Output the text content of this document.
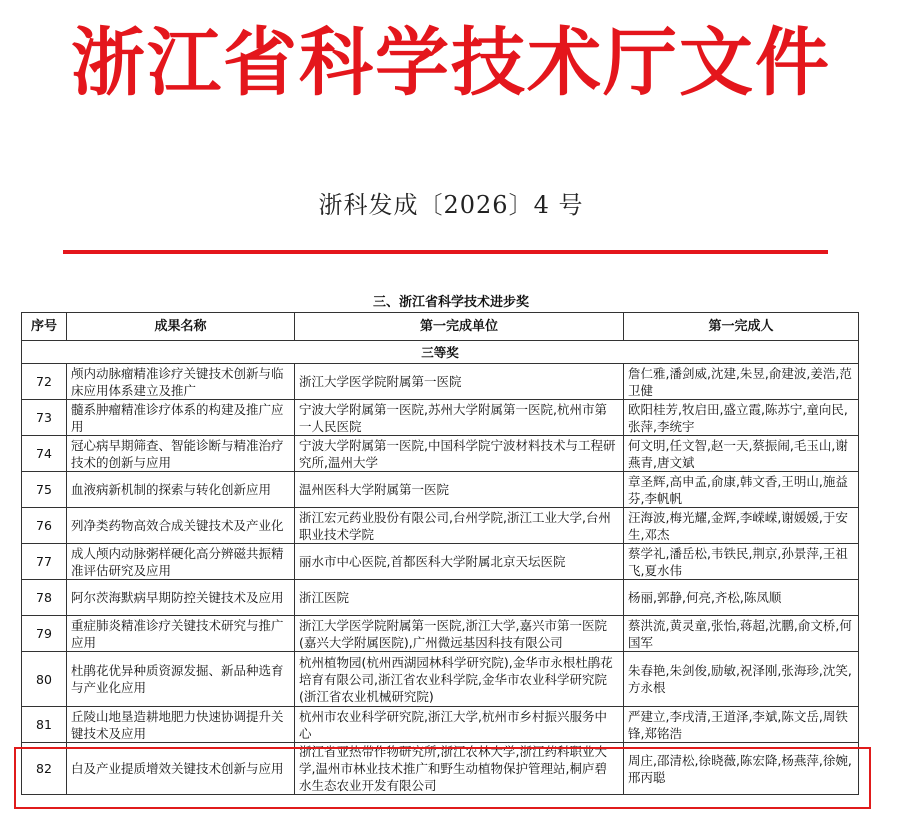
浙江省科学技术厅文件
浙科发成〔2026〕4 号
三、浙江省科学技术进步奖
序号	成果名称	第一完成单位	第一完成人
三等奖			
72	颅内动脉瘤精准诊疗关键技术创新与临床应用体系建立及推广	浙江大学医学院附属第一医院	詹仁雅,潘剑威,沈建,朱昱,俞建波,姜浩,范卫健
73	髓系肿瘤精准诊疗体系的构建及推广应用	宁波大学附属第一医院,苏州大学附属第一医院,杭州市第一人民医院	欧阳桂芳,牧启田,盛立霞,陈苏宁,童向民,张萍,李统宇
74	冠心病早期筛查、智能诊断与精准治疗技术的创新与应用	宁波大学附属第一医院,中国科学院宁波材料技术与工程研究所,温州大学	何文明,任文智,赵一天,蔡振闹,毛玉山,谢燕青,唐文斌
75	血液病新机制的探索与转化创新应用	温州医科大学附属第一医院	章圣辉,高申孟,俞康,韩文香,王明山,施益芬,李帆帆
76	列净类药物高效合成关键技术及产业化	浙江宏元药业股份有限公司,台州学院,浙江工业大学,台州职业技术学院	汪海波,梅光耀,金辉,李嵘嵘,谢媛媛,于安生,邓杰
77	成人颅内动脉粥样硬化高分辨磁共振精准评估研究及应用	丽水市中心医院,首都医科大学附属北京天坛医院	蔡学礼,潘岳松,韦铁民,荆京,孙景萍,王祖飞,夏水伟
78	阿尔茨海默病早期防控关键技术及应用	浙江医院	杨丽,郭静,何亮,齐松,陈凤顺
79	重症肺炎精准诊疗关键技术研究与推广应用	浙江大学医学院附属第一医院,浙江大学,嘉兴市第一医院(嘉兴大学附属医院),广州微远基因科技有限公司	蔡洪流,黄灵童,张怡,蒋超,沈鹏,俞文桥,何国军
80	杜鹃花优异种质资源发掘、新品种选育与产业化应用	杭州植物园(杭州西湖园林科学研究院),金华市永根杜鹃花培育有限公司,浙江省农业科学院,金华市农业科学研究院(浙江省农业机械研究院)	朱春艳,朱剑俊,励敏,祝泽刚,张海珍,沈笑,方永根
81	丘陵山地垦造耕地肥力快速协调提升关键技术及应用	杭州市农业科学研究院,浙江大学,杭州市乡村振兴服务中心	严建立,李戌清,王道泽,李斌,陈文岳,周铁锋,郑铭浩
82	白及产业提质增效关键技术创新与应用	浙江省亚热带作物研究所,浙江农林大学,浙江药科职业大学,温州市林业技术推广和野生动植物保护管理站,桐庐碧水生态农业开发有限公司	周庄,邵清松,徐晓薇,陈宏降,杨燕萍,徐婉,邢丙聪
